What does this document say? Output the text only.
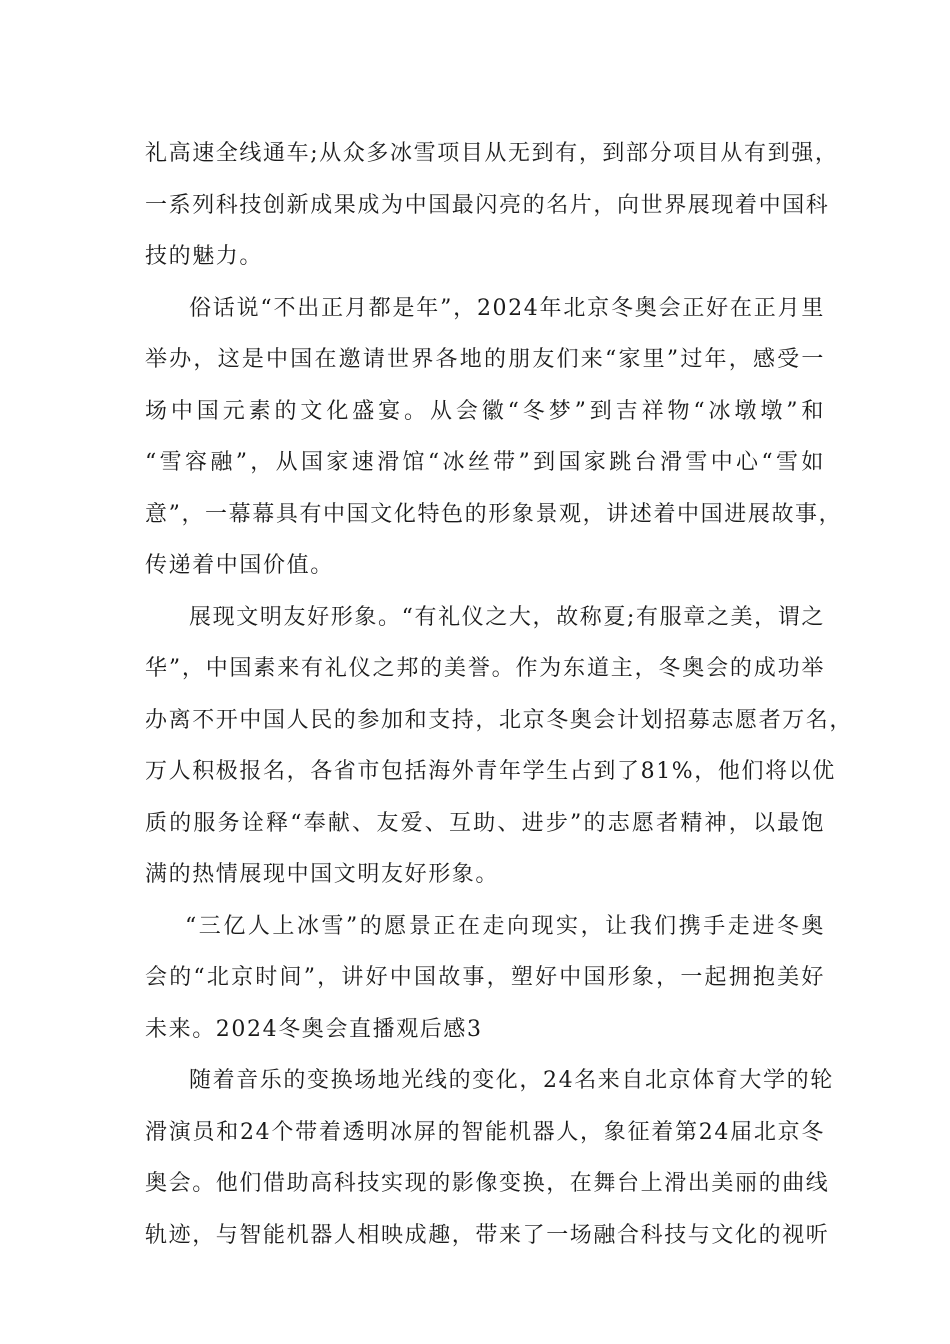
礼高速全线通车;从众多冰雪项目从无到有，到部分项目从有到强，
一系列科技创新成果成为中国最闪亮的名片，向世界展现着中国科
技的魅力。

俗话说“不出正月都是年”，2024年北京冬奥会正好在正月里
举办，这是中国在邀请世界各地的朋友们来“家里”过年，感受一
场中国元素的文化盛宴。从会徽“冬梦”到吉祥物“冰墩墩”和
“雪容融”，从国家速滑馆“冰丝带”到国家跳台滑雪中心“雪如
意”，一幕幕具有中国文化特色的形象景观，讲述着中国进展故事，
传递着中国价值。

展现文明友好形象。“有礼仪之大，故称夏;有服章之美，谓之
华”，中国素来有礼仪之邦的美誉。作为东道主，冬奥会的成功举
办离不开中国人民的参加和支持，北京冬奥会计划招募志愿者万名，
万人积极报名，各省市包括海外青年学生占到了81%，他们将以优
质的服务诠释“奉献、友爱、互助、进步”的志愿者精神，以最饱
满的热情展现中国文明友好形象。

“三亿人上冰雪”的愿景正在走向现实，让我们携手走进冬奥
会的“北京时间”，讲好中国故事，塑好中国形象，一起拥抱美好
未来。2024冬奥会直播观后感3

随着音乐的变换场地光线的变化，24名来自北京体育大学的轮
滑演员和24个带着透明冰屏的智能机器人，象征着第24届北京冬
奥会。他们借助高科技实现的影像变换，在舞台上滑出美丽的曲线
轨迹，与智能机器人相映成趣，带来了一场融合科技与文化的视听
